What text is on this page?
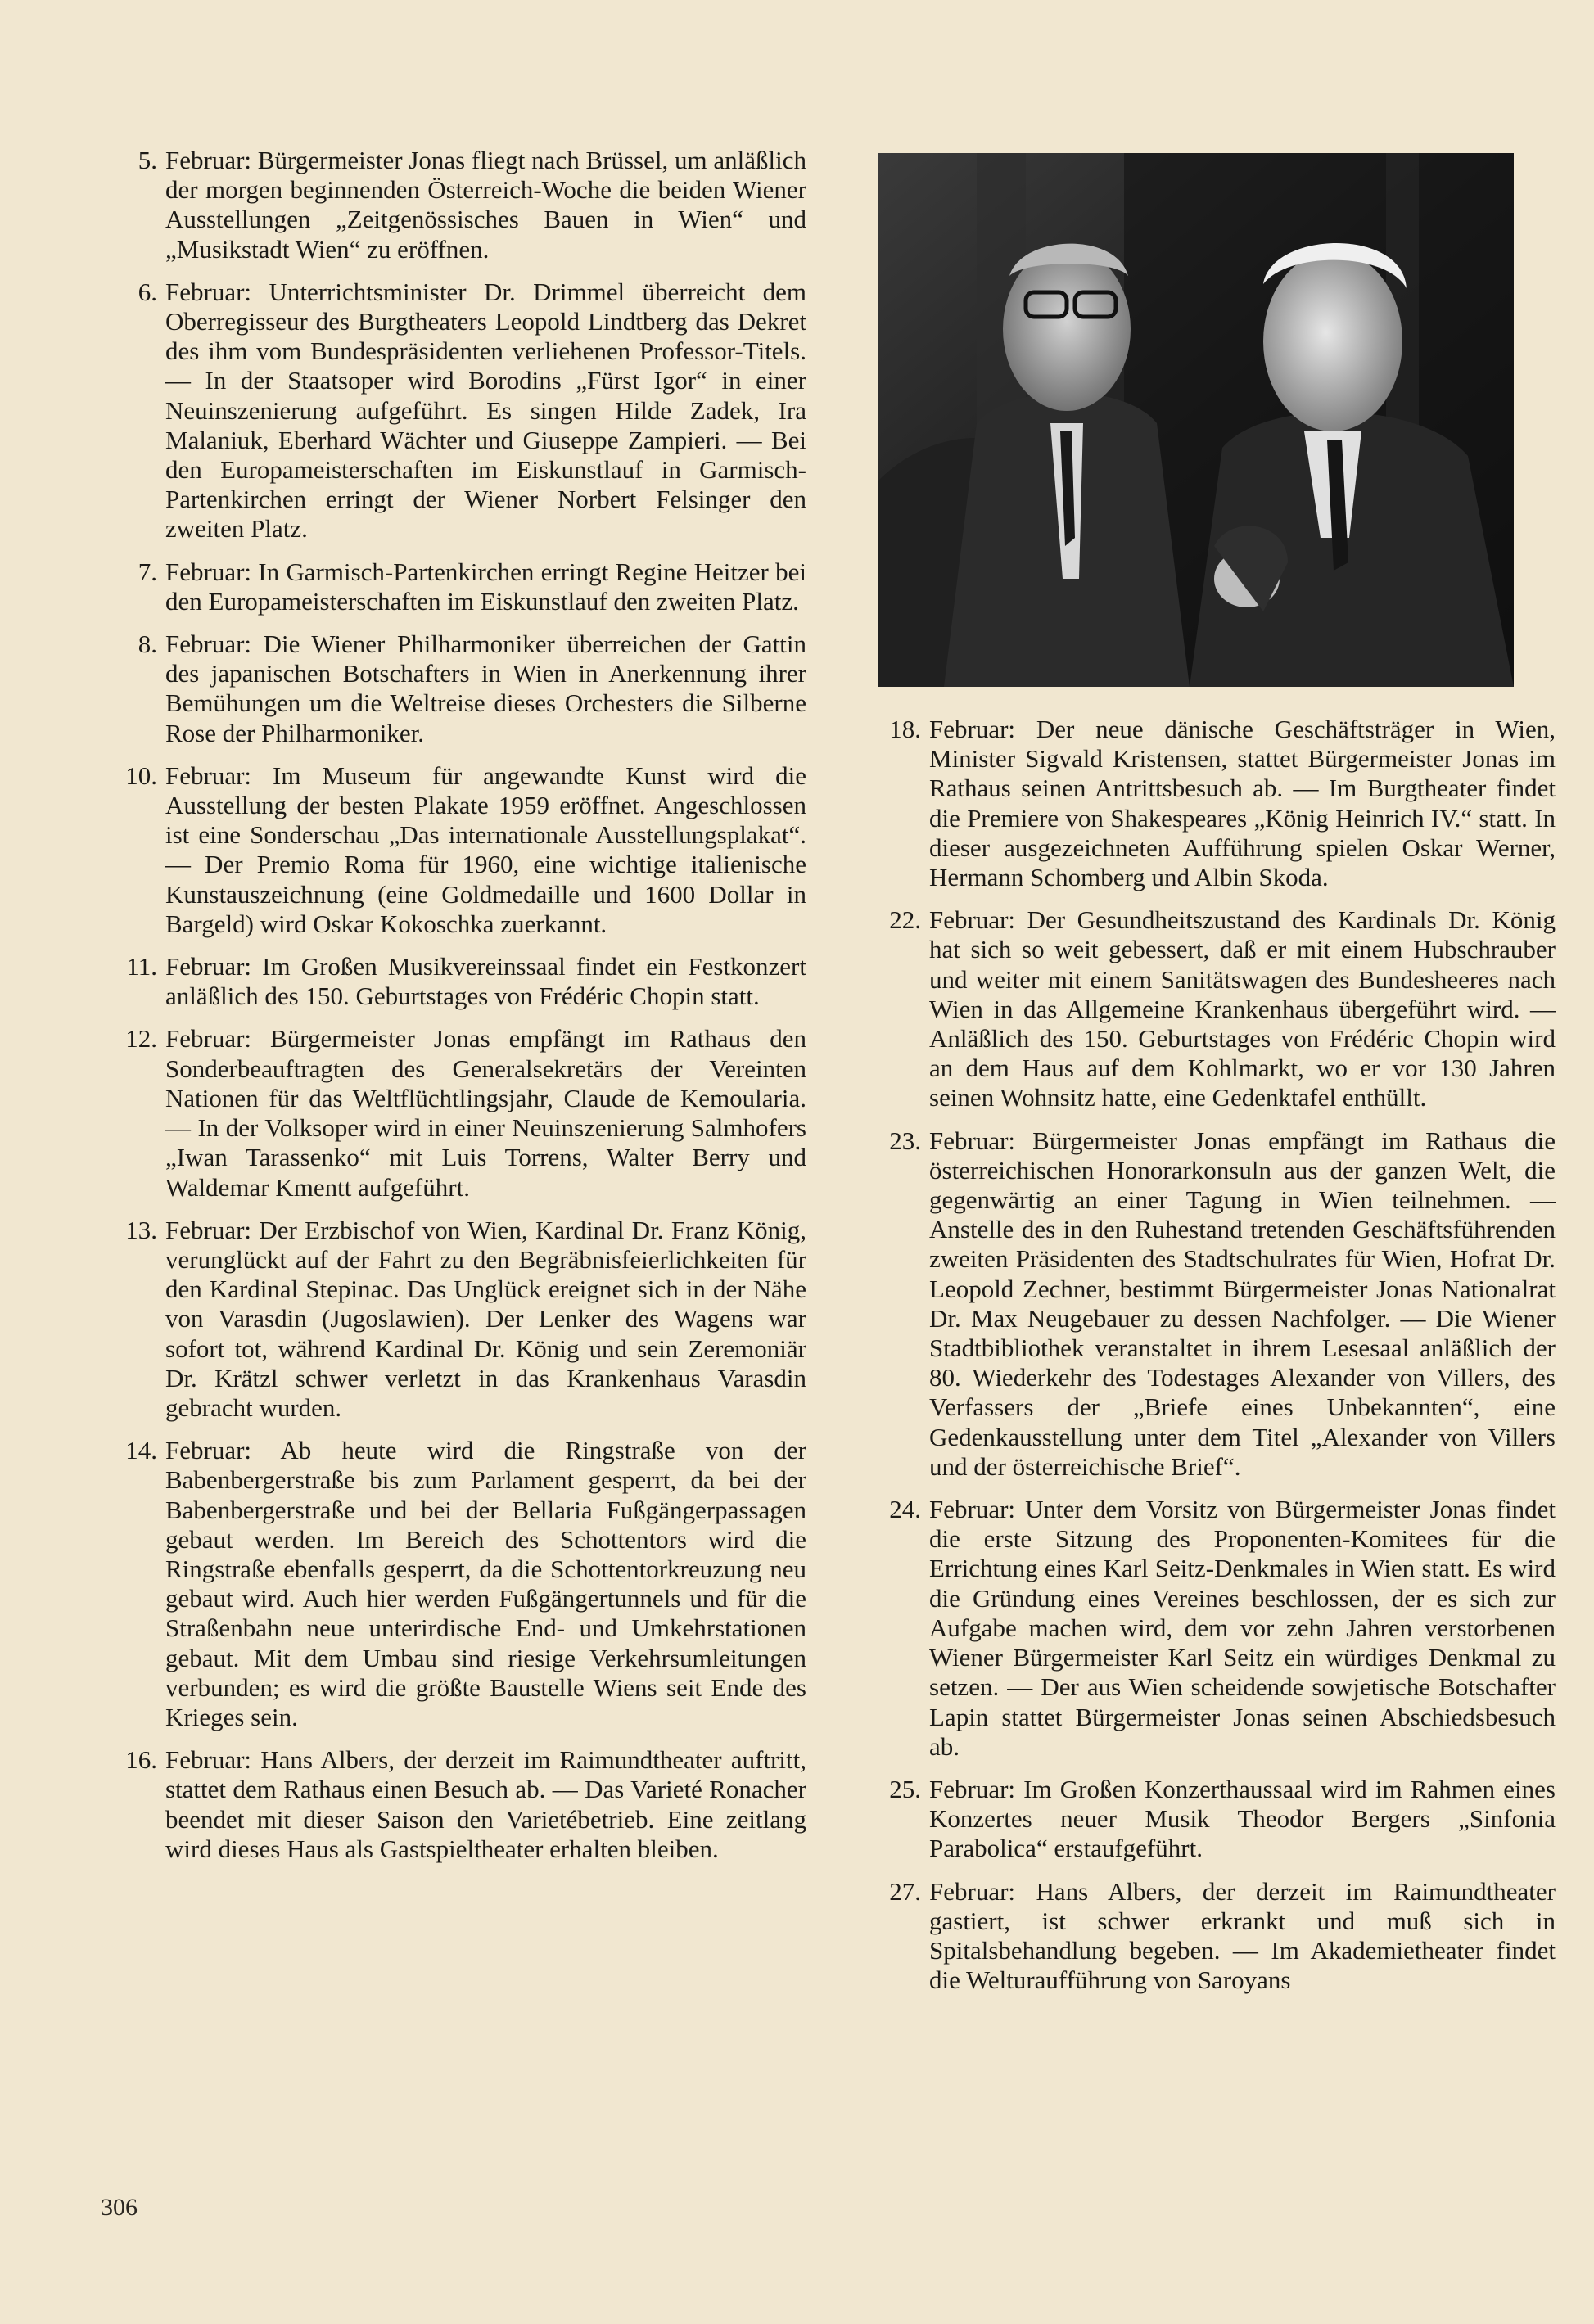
5. Februar: Bürgermeister Jonas fliegt nach Brüssel, um anläßlich der morgen beginnenden Österreich-Woche die beiden Wiener Ausstellungen „Zeitgenössisches Bauen in Wien“ und „Musikstadt Wien“ zu eröffnen.
6. Februar: Unterrichtsminister Dr. Drimmel überreicht dem Oberregisseur des Burgtheaters Leopold Lindtberg das Dekret des ihm vom Bundespräsidenten verliehenen Professor-Titels. — In der Staatsoper wird Borodins „Fürst Igor“ in einer Neuinszenierung aufgeführt. Es singen Hilde Zadek, Ira Malaniuk, Eberhard Wächter und Giuseppe Zampieri. — Bei den Europameisterschaften im Eiskunstlauf in Garmisch-Partenkirchen erringt der Wiener Norbert Felsinger den zweiten Platz.
7. Februar: In Garmisch-Partenkirchen erringt Regine Heitzer bei den Europameisterschaften im Eiskunstlauf den zweiten Platz.
8. Februar: Die Wiener Philharmoniker überreichen der Gattin des japanischen Botschafters in Wien in Anerkennung ihrer Bemühungen um die Weltreise dieses Orchesters die Silberne Rose der Philharmoniker.
10. Februar: Im Museum für angewandte Kunst wird die Ausstellung der besten Plakate 1959 eröffnet. Angeschlossen ist eine Sonderschau „Das internationale Ausstellungsplakat“. — Der Premio Roma für 1960, eine wichtige italienische Kunstauszeichnung (eine Goldmedaille und 1600 Dollar in Bargeld) wird Oskar Kokoschka zuerkannt.
11. Februar: Im Großen Musikvereinssaal findet ein Festkonzert anläßlich des 150. Geburtstages von Frédéric Chopin statt.
12. Februar: Bürgermeister Jonas empfängt im Rathaus den Sonderbeauftragten des Generalsekretärs der Vereinten Nationen für das Weltflüchtlingsjahr, Claude de Kemoularia. — In der Volksoper wird in einer Neuinszenierung Salmhofers „Iwan Tarassenko“ mit Luis Torrens, Walter Berry und Waldemar Kmentt aufgeführt.
13. Februar: Der Erzbischof von Wien, Kardinal Dr. Franz König, verunglückt auf der Fahrt zu den Begräbnisfeierlichkeiten für den Kardinal Stepinac. Das Unglück ereignet sich in der Nähe von Varasdin (Jugoslawien). Der Lenker des Wagens war sofort tot, während Kardinal Dr. König und sein Zeremoniär Dr. Krätzl schwer verletzt in das Krankenhaus Varasdin gebracht wurden.
14. Februar: Ab heute wird die Ringstraße von der Babenbergerstraße bis zum Parlament gesperrt, da bei der Babenbergerstraße und bei der Bellaria Fußgängerpassagen gebaut werden. Im Bereich des Schottentors wird die Ringstraße ebenfalls gesperrt, da die Schottentorkreuzung neu gebaut wird. Auch hier werden Fußgängertunnels und für die Straßenbahn neue unterirdische End- und Umkehrstationen gebaut. Mit dem Umbau sind riesige Verkehrsumleitungen verbunden; es wird die größte Baustelle Wiens seit Ende des Krieges sein.
16. Februar: Hans Albers, der derzeit im Raimundtheater auftritt, stattet dem Rathaus einen Besuch ab. — Das Varieté Ronacher beendet mit dieser Saison den Varietébetrieb. Eine zeitlang wird dieses Haus als Gastspieltheater erhalten bleiben.
18. Februar: Der neue dänische Geschäftsträger in Wien, Minister Sigvald Kristensen, stattet Bürgermeister Jonas im Rathaus seinen Antrittsbesuch ab. — Im Burgtheater findet die Premiere von Shakespeares „König Heinrich IV.“ statt. In dieser ausgezeichneten Aufführung spielen Oskar Werner, Hermann Schomberg und Albin Skoda.
22. Februar: Der Gesundheitszustand des Kardinals Dr. König hat sich so weit gebessert, daß er mit einem Hubschrauber und weiter mit einem Sanitätswagen des Bundesheeres nach Wien in das Allgemeine Krankenhaus übergeführt wird. — Anläßlich des 150. Geburtstages von Frédéric Chopin wird an dem Haus auf dem Kohlmarkt, wo er vor 130 Jahren seinen Wohnsitz hatte, eine Gedenktafel enthüllt.
23. Februar: Bürgermeister Jonas empfängt im Rathaus die österreichischen Honorarkonsuln aus der ganzen Welt, die gegenwärtig an einer Tagung in Wien teilnehmen. — Anstelle des in den Ruhestand tretenden Geschäftsführenden zweiten Präsidenten des Stadtschulrates für Wien, Hofrat Dr. Leopold Zechner, bestimmt Bürgermeister Jonas Nationalrat Dr. Max Neugebauer zu dessen Nachfolger. — Die Wiener Stadtbibliothek veranstaltet in ihrem Lesesaal anläßlich der 80. Wiederkehr des Todestages Alexander von Villers, des Verfassers der „Briefe eines Unbekannten“, eine Gedenkausstellung unter dem Titel „Alexander von Villers und der österreichische Brief“.
24. Februar: Unter dem Vorsitz von Bürgermeister Jonas findet die erste Sitzung des Proponenten-Komitees für die Errichtung eines Karl Seitz-Denkmales in Wien statt. Es wird die Gründung eines Vereines beschlossen, der es sich zur Aufgabe machen wird, dem vor zehn Jahren verstorbenen Wiener Bürgermeister Karl Seitz ein würdiges Denkmal zu setzen. — Der aus Wien scheidende sowjetische Botschafter Lapin stattet Bürgermeister Jonas seinen Abschiedsbesuch ab.
25. Februar: Im Großen Konzerthaussaal wird im Rahmen eines Konzertes neuer Musik Theodor Bergers „Sinfonia Parabolica“ erstaufgeführt.
27. Februar: Hans Albers, der derzeit im Raimundtheater gastiert, ist schwer erkrankt und muß sich in Spitalsbehandlung begeben. — Im Akademietheater findet die Welturaufführung von Saroyans
306
